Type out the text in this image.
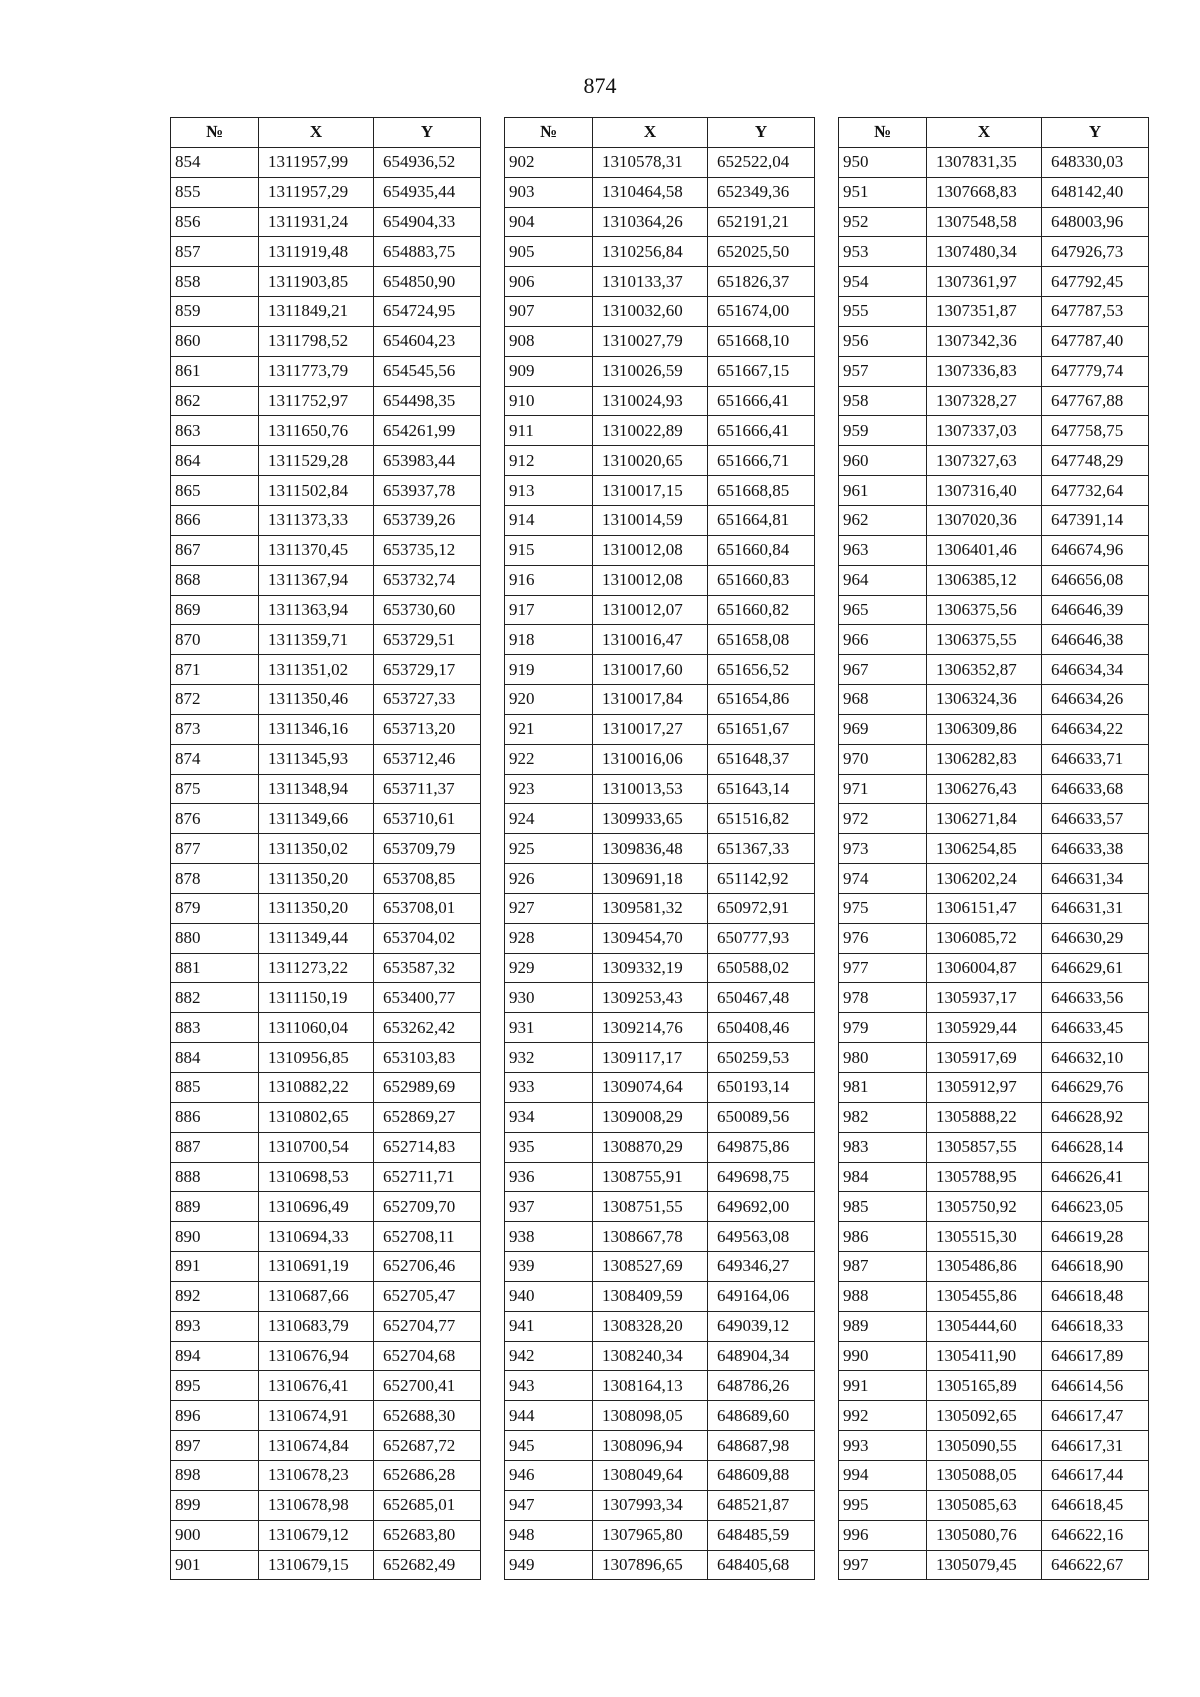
874
№	X	Y
854	1311957,99	654936,52
855	1311957,29	654935,44
856	1311931,24	654904,33
857	1311919,48	654883,75
858	1311903,85	654850,90
859	1311849,21	654724,95
860	1311798,52	654604,23
861	1311773,79	654545,56
862	1311752,97	654498,35
863	1311650,76	654261,99
864	1311529,28	653983,44
865	1311502,84	653937,78
866	1311373,33	653739,26
867	1311370,45	653735,12
868	1311367,94	653732,74
869	1311363,94	653730,60
870	1311359,71	653729,51
871	1311351,02	653729,17
872	1311350,46	653727,33
873	1311346,16	653713,20
874	1311345,93	653712,46
875	1311348,94	653711,37
876	1311349,66	653710,61
877	1311350,02	653709,79
878	1311350,20	653708,85
879	1311350,20	653708,01
880	1311349,44	653704,02
881	1311273,22	653587,32
882	1311150,19	653400,77
883	1311060,04	653262,42
884	1310956,85	653103,83
885	1310882,22	652989,69
886	1310802,65	652869,27
887	1310700,54	652714,83
888	1310698,53	652711,71
889	1310696,49	652709,70
890	1310694,33	652708,11
891	1310691,19	652706,46
892	1310687,66	652705,47
893	1310683,79	652704,77
894	1310676,94	652704,68
895	1310676,41	652700,41
896	1310674,91	652688,30
897	1310674,84	652687,72
898	1310678,23	652686,28
899	1310678,98	652685,01
900	1310679,12	652683,80
901	1310679,15	652682,49
№	X	Y
902	1310578,31	652522,04
903	1310464,58	652349,36
904	1310364,26	652191,21
905	1310256,84	652025,50
906	1310133,37	651826,37
907	1310032,60	651674,00
908	1310027,79	651668,10
909	1310026,59	651667,15
910	1310024,93	651666,41
911	1310022,89	651666,41
912	1310020,65	651666,71
913	1310017,15	651668,85
914	1310014,59	651664,81
915	1310012,08	651660,84
916	1310012,08	651660,83
917	1310012,07	651660,82
918	1310016,47	651658,08
919	1310017,60	651656,52
920	1310017,84	651654,86
921	1310017,27	651651,67
922	1310016,06	651648,37
923	1310013,53	651643,14
924	1309933,65	651516,82
925	1309836,48	651367,33
926	1309691,18	651142,92
927	1309581,32	650972,91
928	1309454,70	650777,93
929	1309332,19	650588,02
930	1309253,43	650467,48
931	1309214,76	650408,46
932	1309117,17	650259,53
933	1309074,64	650193,14
934	1309008,29	650089,56
935	1308870,29	649875,86
936	1308755,91	649698,75
937	1308751,55	649692,00
938	1308667,78	649563,08
939	1308527,69	649346,27
940	1308409,59	649164,06
941	1308328,20	649039,12
942	1308240,34	648904,34
943	1308164,13	648786,26
944	1308098,05	648689,60
945	1308096,94	648687,98
946	1308049,64	648609,88
947	1307993,34	648521,87
948	1307965,80	648485,59
949	1307896,65	648405,68
№	X	Y
950	1307831,35	648330,03
951	1307668,83	648142,40
952	1307548,58	648003,96
953	1307480,34	647926,73
954	1307361,97	647792,45
955	1307351,87	647787,53
956	1307342,36	647787,40
957	1307336,83	647779,74
958	1307328,27	647767,88
959	1307337,03	647758,75
960	1307327,63	647748,29
961	1307316,40	647732,64
962	1307020,36	647391,14
963	1306401,46	646674,96
964	1306385,12	646656,08
965	1306375,56	646646,39
966	1306375,55	646646,38
967	1306352,87	646634,34
968	1306324,36	646634,26
969	1306309,86	646634,22
970	1306282,83	646633,71
971	1306276,43	646633,68
972	1306271,84	646633,57
973	1306254,85	646633,38
974	1306202,24	646631,34
975	1306151,47	646631,31
976	1306085,72	646630,29
977	1306004,87	646629,61
978	1305937,17	646633,56
979	1305929,44	646633,45
980	1305917,69	646632,10
981	1305912,97	646629,76
982	1305888,22	646628,92
983	1305857,55	646628,14
984	1305788,95	646626,41
985	1305750,92	646623,05
986	1305515,30	646619,28
987	1305486,86	646618,90
988	1305455,86	646618,48
989	1305444,60	646618,33
990	1305411,90	646617,89
991	1305165,89	646614,56
992	1305092,65	646617,47
993	1305090,55	646617,31
994	1305088,05	646617,44
995	1305085,63	646618,45
996	1305080,76	646622,16
997	1305079,45	646622,67
